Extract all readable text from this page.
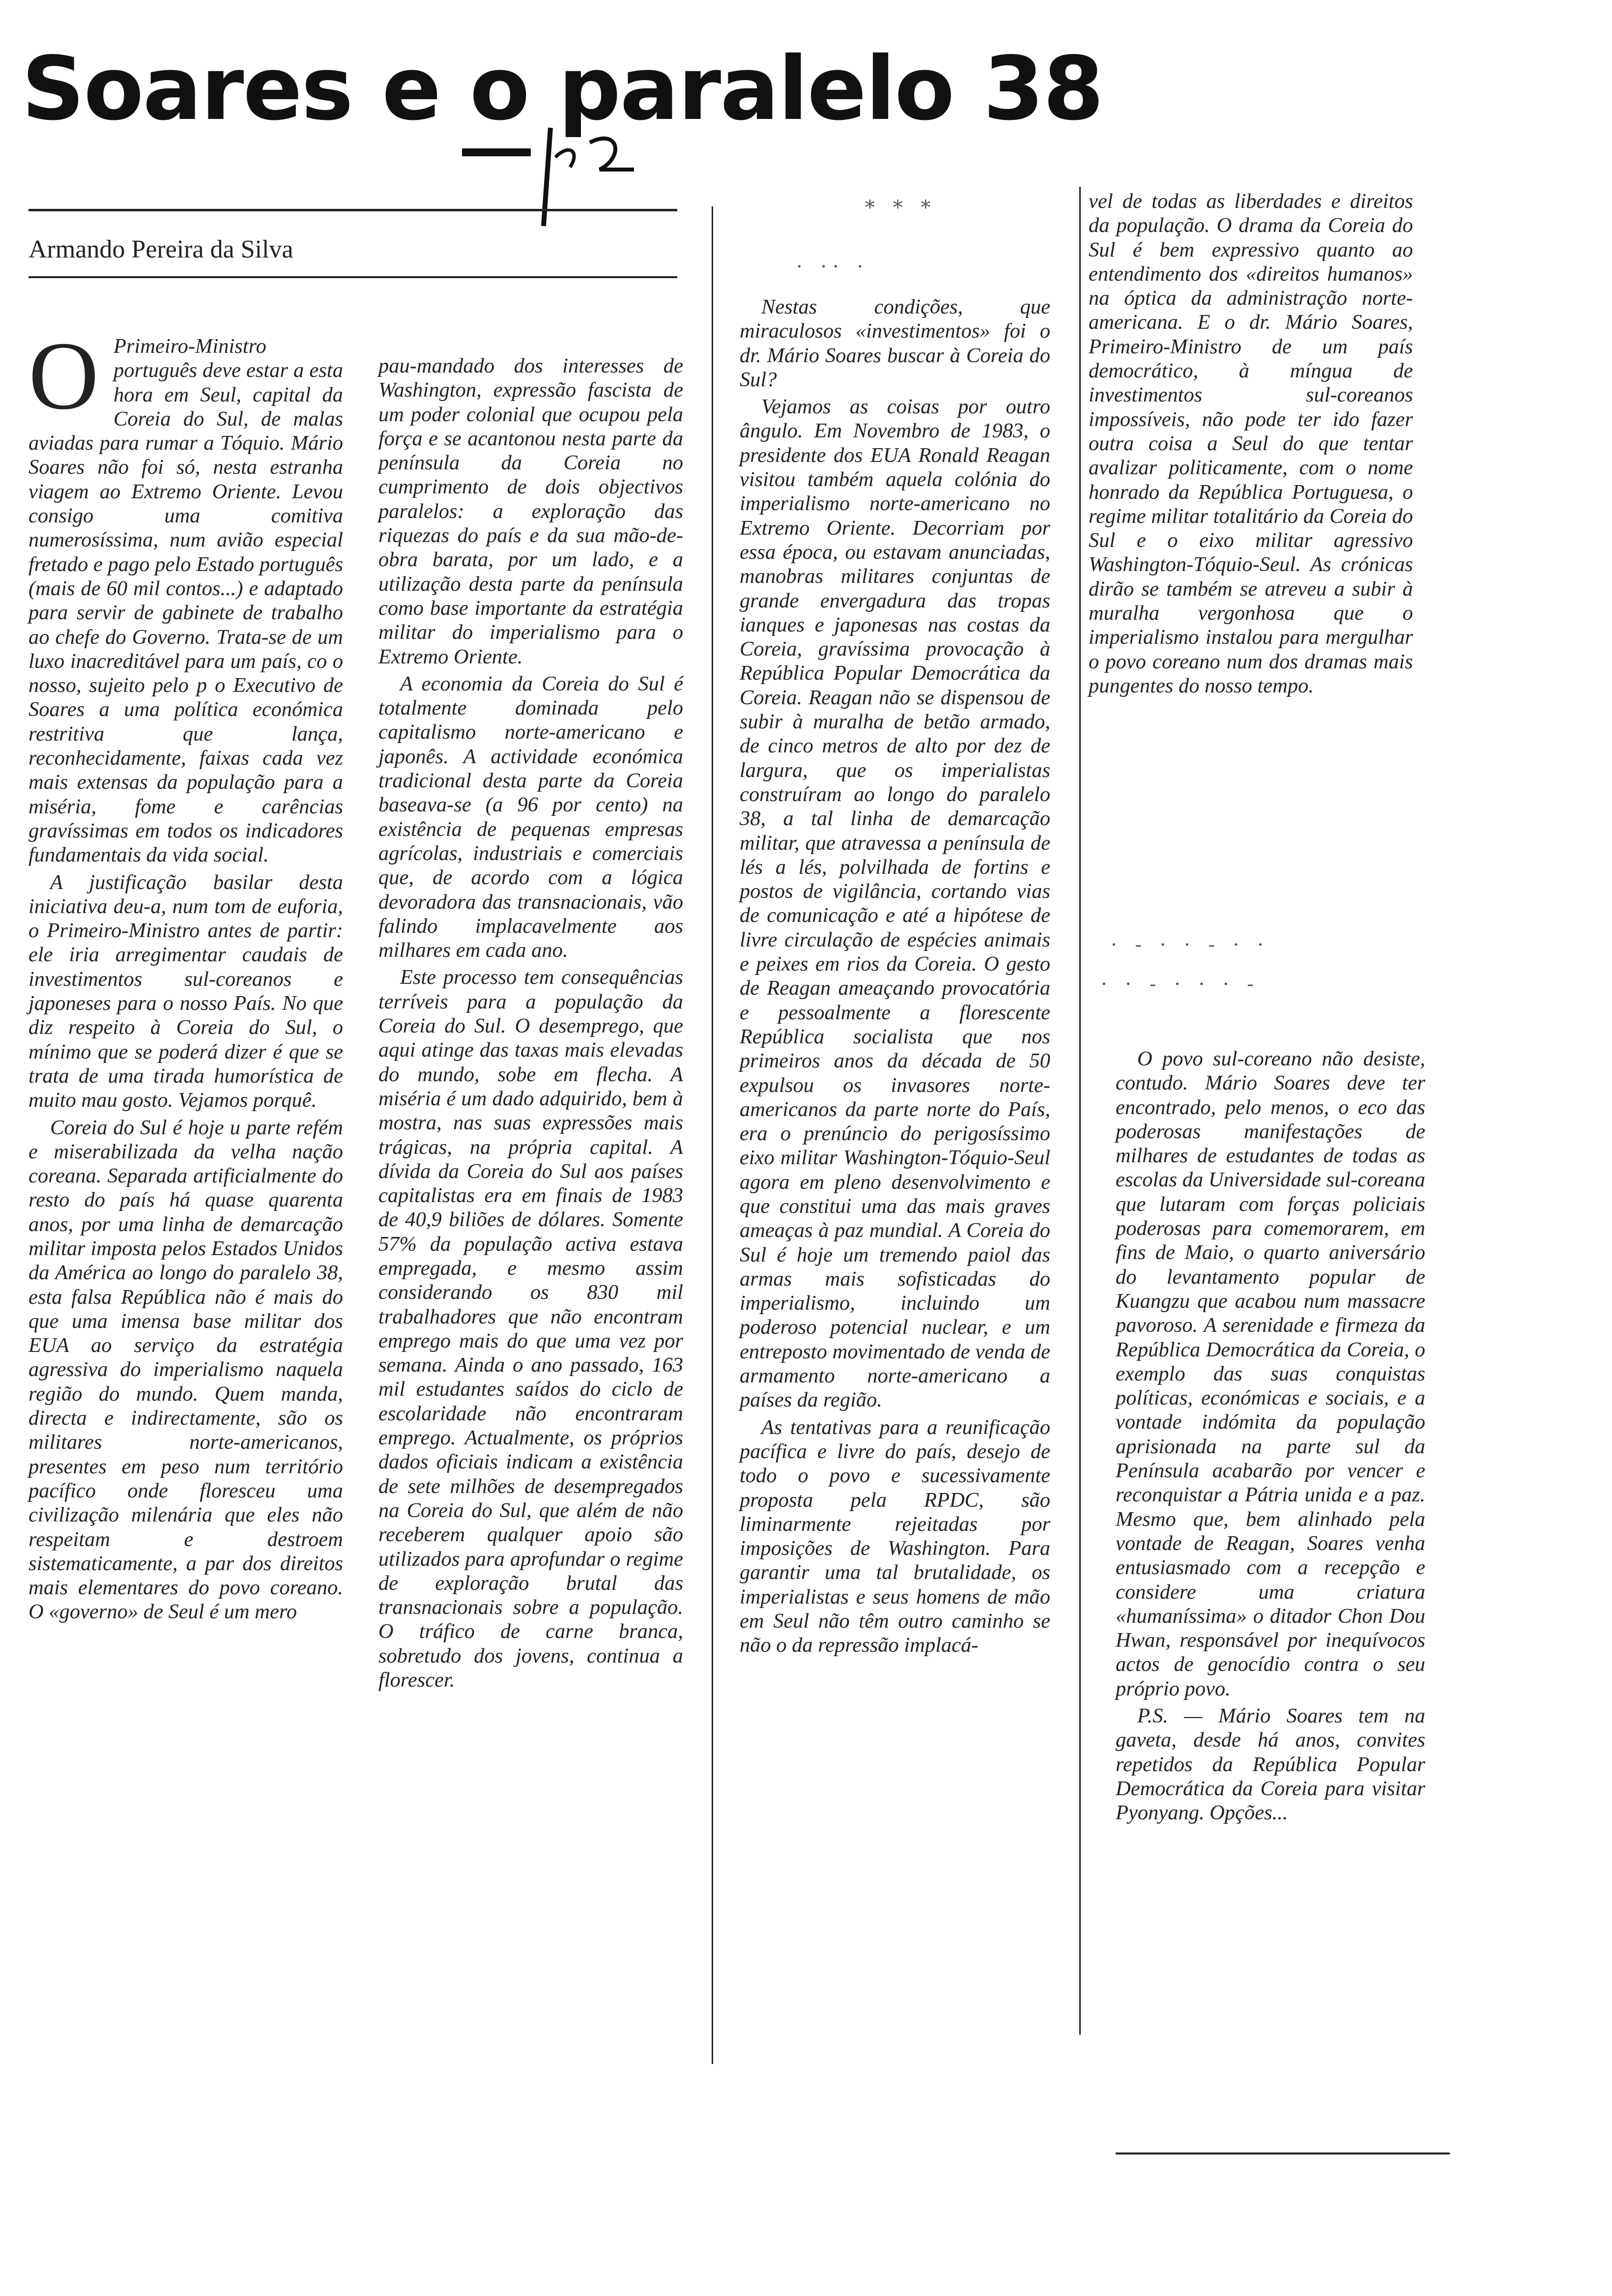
Soares e o paralelo 38
Armando Pereira da Silva

O Primeiro-Ministro português deve estar a esta hora em Seul, capital da Coreia do Sul, de malas aviadas para rumar a Tóquio. Mário Soares não foi só, nesta estranha viagem ao Extremo Oriente. Levou consigo uma comitiva numerosíssima, num avião especial fretado e pago pelo Estado português (mais de 60 mil contos...) e adaptado para servir de gabinete de trabalho ao chefe do Governo. Trata-se de um luxo inacreditável para um país, co o nosso, sujeito pelo p o Executivo de Soares a uma política económica restritiva que lança, reconhecidamente, faixas cada vez mais extensas da população para a miséria, fome e carências gravíssimas em todos os indicadores fundamentais da vida social.

A justificação basilar desta iniciativa deu-a, num tom de euforia, o Primeiro-Ministro antes de partir: ele iria arregimentar caudais de investimentos sul-coreanos e japoneses para o nosso País. No que diz respeito à Coreia do Sul, o mínimo que se poderá dizer é que se trata de uma tirada humorística de muito mau gosto. Vejamos porquê.

Coreia do Sul é hoje u parte refém e miserabilizada da velha nação coreana. Separada artificialmente do resto do país há quase quarenta anos, por uma linha de demarcação militar imposta pelos Estados Unidos da América ao longo do paralelo 38, esta falsa República não é mais do que uma imensa base militar dos EUA ao serviço da estratégia agressiva do imperialismo naquela região do mundo. Quem manda, directa e indirectamente, são os militares norte-americanos, presentes em peso num território pacífico onde floresceu uma civilização milenária que eles não respeitam e destroem sistematicamente, a par dos direitos mais elementares do povo coreano. O «governo» de Seul é um mero

pau-mandado dos interesses de Washington, expressão fascista de um poder colonial que ocupou pela força e se acantonou nesta parte da península da Coreia no cumprimento de dois objectivos paralelos: a exploração das riquezas do país e da sua mão-de-obra barata, por um lado, e a utilização desta parte da península como base importante da estratégia militar do imperialismo para o Extremo Oriente.

A economia da Coreia do Sul é totalmente dominada pelo capitalismo norte-americano e japonês. A actividade económica tradicional desta parte da Coreia baseava-se (a 96 por cento) na existência de pequenas empresas agrícolas, industriais e comerciais que, de acordo com a lógica devoradora das transnacionais, vão falindo implacavelmente aos milhares em cada ano.

Este processo tem consequências terríveis para a população da Coreia do Sul. O desemprego, que aqui atinge das taxas mais elevadas do mundo, sobe em flecha. A miséria é um dado adquirido, bem à mostra, nas suas expressões mais trágicas, na própria capital. A dívida da Coreia do Sul aos países capitalistas era em finais de 1983 de 40,9 biliões de dólares. Somente 57% da população activa estava empregada, e mesmo assim considerando os 830 mil trabalhadores que não encontram emprego mais do que uma vez por semana. Ainda o ano passado, 163 mil estudantes saídos do ciclo de escolaridade não encontraram emprego. Actualmente, os próprios dados oficiais indicam a existência de sete milhões de desempregados na Coreia do Sul, que além de não receberem qualquer apoio são utilizados para aprofundar o regime de exploração brutal das transnacionais sobre a população. O tráfico de carne branca, sobretudo dos jovens, continua a florescer.

* * *
· ·· ·

Nestas condições, que miraculosos «investimentos» foi o dr. Mário Soares buscar à Coreia do Sul?

Vejamos as coisas por outro ângulo. Em Novembro de 1983, o presidente dos EUA Ronald Reagan visitou também aquela colónia do imperialismo norte-americano no Extremo Oriente. Decorriam por essa época, ou estavam anunciadas, manobras militares conjuntas de grande envergadura das tropas ianques e japonesas nas costas da Coreia, gravíssima provocação à República Popular Democrática da Coreia. Reagan não se dispensou de subir à muralha de betão armado, de cinco metros de alto por dez de largura, que os imperialistas construíram ao longo do paralelo 38, a tal linha de demarcação militar, que atravessa a península de lés a lés, polvilhada de fortins e postos de vigilância, cortando vias de comunicação e até a hipótese de livre circulação de espécies animais e peixes em rios da Coreia. O gesto de Reagan ameaçando provocatória e pessoalmente a florescente República socialista que nos primeiros anos da década de 50 expulsou os invasores norte-americanos da parte norte do País, era o prenúncio do perigosíssimo eixo militar Washington-Tóquio-Seul agora em pleno desenvolvimento e que constitui uma das mais graves ameaças à paz mundial. A Coreia do Sul é hoje um tremendo paiol das armas mais sofisticadas do imperialismo, incluindo um poderoso potencial nuclear, e um entreposto movimentado de venda de armamento norte-americano a países da região.

As tentativas para a reunificação pacífica e livre do país, desejo de todo o povo e sucessivamente proposta pela RPDC, são liminarmente rejeitadas por imposições de Washington. Para garantir uma tal brutalidade, os imperialistas e seus homens de mão em Seul não têm outro caminho se não o da repressão implacá-

vel de todas as liberdades e direitos da população. O drama da Coreia do Sul é bem expressivo quanto ao entendimento dos «direitos humanos» na óptica da administração norte-americana. E o dr. Mário Soares, Primeiro-Ministro de um país democrático, à míngua de investimentos sul-coreanos impossíveis, não pode ter ido fazer outra coisa a Seul do que tentar avalizar politicamente, com o nome honrado da República Portuguesa, o regime militar totalitário da Coreia do Sul e o eixo militar agressivo Washington-Tóquio-Seul. As crónicas dirão se também se atreveu a subir à muralha vergonhosa que o imperialismo instalou para mergulhar o povo coreano num dos dramas mais pungentes do nosso tempo.

· - · · - · ·
· · - · · · -

O povo sul-coreano não desiste, contudo. Mário Soares deve ter encontrado, pelo menos, o eco das poderosas manifestações de milhares de estudantes de todas as escolas da Universidade sul-coreana que lutaram com forças policiais poderosas para comemorarem, em fins de Maio, o quarto aniversário do levantamento popular de Kuangzu que acabou num massacre pavoroso. A serenidade e firmeza da República Democrática da Coreia, o exemplo das suas conquistas políticas, económicas e sociais, e a vontade indómita da população aprisionada na parte sul da Península acabarão por vencer e reconquistar a Pátria unida e a paz. Mesmo que, bem alinhado pela vontade de Reagan, Soares venha entusiasmado com a recepção e considere uma criatura «humaníssima» o ditador Chon Dou Hwan, responsável por inequívocos actos de genocídio contra o seu próprio povo.

P.S. — Mário Soares tem na gaveta, desde há anos, convites repetidos da República Popular Democrática da Coreia para visitar Pyonyang. Opções...
